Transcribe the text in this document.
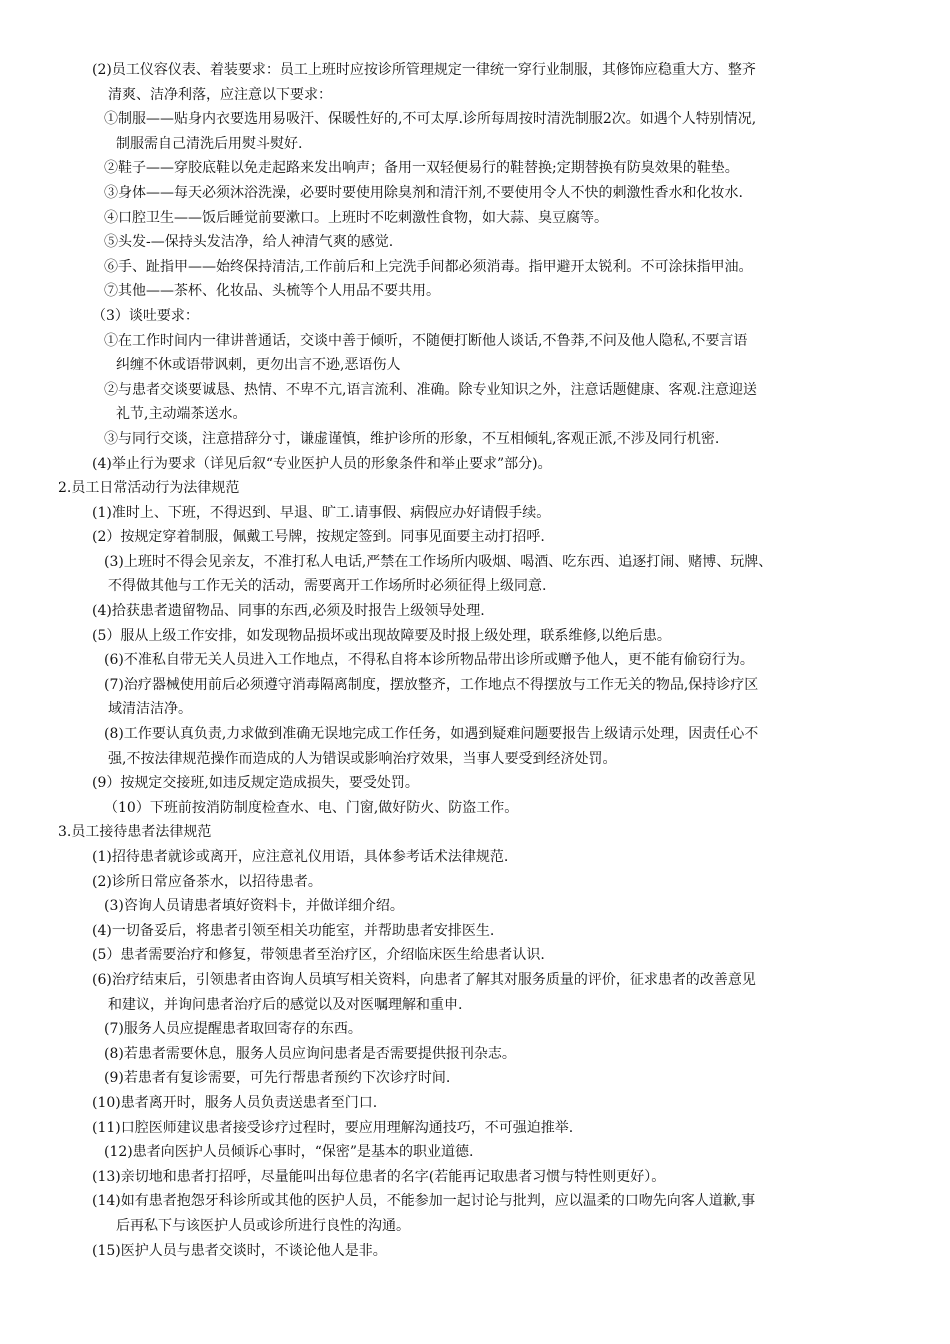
(2)员工仪容仪表、着装要求：员工上班时应按诊所管理规定一律统一穿行业制服，其修饰应稳重大方、整齐
清爽、洁净利落，应注意以下要求：
①制服——贴身内衣要选用易吸汗、保暖性好的,不可太厚.诊所每周按时清洗制服2次。如遇个人特别情况,
制服需自己清洗后用熨斗熨好.
②鞋子——穿胶底鞋以免走起路来发出响声；备用一双轻便易行的鞋替换;定期替换有防臭效果的鞋垫。
③身体——每天必须沐浴洗澡，必要时要使用除臭剂和清汗剂,不要使用令人不快的刺激性香水和化妆水.
④口腔卫生——饭后睡觉前要漱口。上班时不吃刺激性食物，如大蒜、臭豆腐等。
⑤头发-—保持头发洁净，给人神清气爽的感觉.
⑥手、趾指甲——始终保持清洁,工作前后和上完洗手间都必须消毒。指甲避开太锐利。不可涂抹指甲油。
⑦其他——茶杯、化妆品、头梳等个人用品不要共用。
（3）谈吐要求：
①在工作时间内一律讲普通话，交谈中善于倾听，不随便打断他人谈话,不鲁莽,不问及他人隐私,不要言语
纠缠不休或语带讽刺，更勿出言不逊,恶语伤人
②与患者交谈要诚恳、热情、不卑不亢,语言流利、准确。除专业知识之外，注意话题健康、客观.注意迎送
礼节,主动端茶送水。
③与同行交谈，注意措辞分寸，谦虚谨慎，维护诊所的形象，不互相倾轧,客观正派,不涉及同行机密.
(4)举止行为要求（详见后叙“专业医护人员的形象条件和举止要求”部分)。
2.员工日常活动行为法律规范
(1)准时上、下班，不得迟到、早退、旷工.请事假、病假应办好请假手续。
(2）按规定穿着制服，佩戴工号牌，按规定签到。同事见面要主动打招呼.
(3)上班时不得会见亲友，不准打私人电话,严禁在工作场所内吸烟、喝酒、吃东西、追逐打闹、赌博、玩牌、
不得做其他与工作无关的活动，需要离开工作场所时必须征得上级同意.
(4)拾获患者遗留物品、同事的东西,必须及时报告上级领导处理.
(5）服从上级工作安排，如发现物品损坏或出现故障要及时报上级处理，联系维修,以绝后患。
(6)不准私自带无关人员进入工作地点，不得私自将本诊所物品带出诊所或赠予他人，更不能有偷窃行为。
(7)治疗器械使用前后必须遵守消毒隔离制度，摆放整齐，工作地点不得摆放与工作无关的物品,保持诊疗区
域清洁洁净。
(8)工作要认真负责,力求做到准确无误地完成工作任务，如遇到疑难问题要报告上级请示处理，因责任心不
强,不按法律规范操作而造成的人为错误或影响治疗效果，当事人要受到经济处罚。
(9）按规定交接班,如违反规定造成损失，要受处罚。
（10）下班前按消防制度检查水、电、门窗,做好防火、防盗工作。
3.员工接待患者法律规范
(1)招待患者就诊或离开，应注意礼仪用语，具体参考话术法律规范.
(2)诊所日常应备茶水，以招待患者。
(3)咨询人员请患者填好资料卡，并做详细介绍。
(4)一切备妥后，将患者引领至相关功能室，并帮助患者安排医生.
(5）患者需要治疗和修复，带领患者至治疗区，介绍临床医生给患者认识.
(6)治疗结束后，引领患者由咨询人员填写相关资料，向患者了解其对服务质量的评价，征求患者的改善意见
和建议，并询问患者治疗后的感觉以及对医嘱理解和重申.
(7)服务人员应提醒患者取回寄存的东西。
(8)若患者需要休息，服务人员应询问患者是否需要提供报刊杂志。
(9)若患者有复诊需要，可先行帮患者预约下次诊疗时间.
(10)患者离开时，服务人员负责送患者至门口.
(11)口腔医师建议患者接受诊疗过程时，要应用理解沟通技巧，不可强迫推举.
(12)患者向医护人员倾诉心事时，“保密”是基本的职业道德.
(13)亲切地和患者打招呼，尽量能叫出每位患者的名字(若能再记取患者习惯与特性则更好）。
(14)如有患者抱怨牙科诊所或其他的医护人员，不能参加一起讨论与批判，应以温柔的口吻先向客人道歉,事
后再私下与该医护人员或诊所进行良性的沟通。
(15)医护人员与患者交谈时，不谈论他人是非。
